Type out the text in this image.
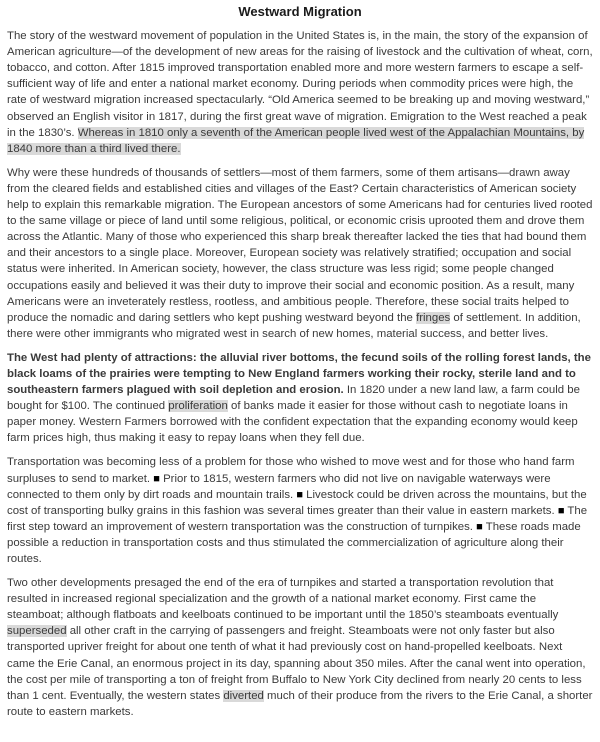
Westward Migration

The story of the westward movement of population in the United States is, in the main, the story of the expansion of American agriculture—of the development of new areas for the raising of livestock and the cultivation of wheat, corn, tobacco, and cotton. After 1815 improved transportation enabled more and more western farmers to escape a self-sufficient way of life and enter a national market economy. During periods when commodity prices were high, the rate of westward migration increased spectacularly. “Old America seemed to be breaking up and moving westward,” observed an English visitor in 1817, during the first great wave of migration. Emigration to the West reached a peak in the 1830’s. Whereas in 1810 only a seventh of the American people lived west of the Appalachian Mountains, by 1840 more than a third lived there.

Why were these hundreds of thousands of settlers—most of them farmers, some of them artisans—drawn away from the cleared fields and established cities and villages of the East? Certain characteristics of American society help to explain this remarkable migration. The European ancestors of some Americans had for centuries lived rooted to the same village or piece of land until some religious, political, or economic crisis uprooted them and drove them across the Atlantic. Many of those who experienced this sharp break thereafter lacked the ties that had bound them and their ancestors to a single place. Moreover, European society was relatively stratified; occupation and social status were inherited. In American society, however, the class structure was less rigid; some people changed occupations easily and believed it was their duty to improve their social and economic position. As a result, many Americans were an inveterately restless, rootless, and ambitious people. Therefore, these social traits helped to produce the nomadic and daring settlers who kept pushing westward beyond the fringes of settlement. In addition, there were other immigrants who migrated west in search of new homes, material success, and better lives.

The West had plenty of attractions: the alluvial river bottoms, the fecund soils of the rolling forest lands, the black loams of the prairies were tempting to New England farmers working their rocky, sterile land and to southeastern farmers plagued with soil depletion and erosion. In 1820 under a new land law, a farm could be bought for $100. The continued proliferation of banks made it easier for those without cash to negotiate loans in paper money. Western Farmers borrowed with the confident expectation that the expanding economy would keep farm prices high, thus making it easy to repay loans when they fell due.

Transportation was becoming less of a problem for those who wished to move west and for those who hand farm surpluses to send to market. ■ Prior to 1815, western farmers who did not live on navigable waterways were connected to them only by dirt roads and mountain trails. ■ Livestock could be driven across the mountains, but the cost of transporting bulky grains in this fashion was several times greater than their value in eastern markets. ■ The first step toward an improvement of western transportation was the construction of turnpikes. ■ These roads made possible a reduction in transportation costs and thus stimulated the commercialization of agriculture along their routes.

Two other developments presaged the end of the era of turnpikes and started a transportation revolution that resulted in increased regional specialization and the growth of a national market economy. First came the steamboat; although flatboats and keelboats continued to be important until the 1850’s steamboats eventually superseded all other craft in the carrying of passengers and freight. Steamboats were not only faster but also transported upriver freight for about one tenth of what it had previously cost on hand-propelled keelboats. Next came the Erie Canal, an enormous project in its day, spanning about 350 miles. After the canal went into operation, the cost per mile of transporting a ton of freight from Buffalo to New York City declined from nearly 20 cents to less than 1 cent. Eventually, the western states diverted much of their produce from the rivers to the Erie Canal, a shorter route to eastern markets.
